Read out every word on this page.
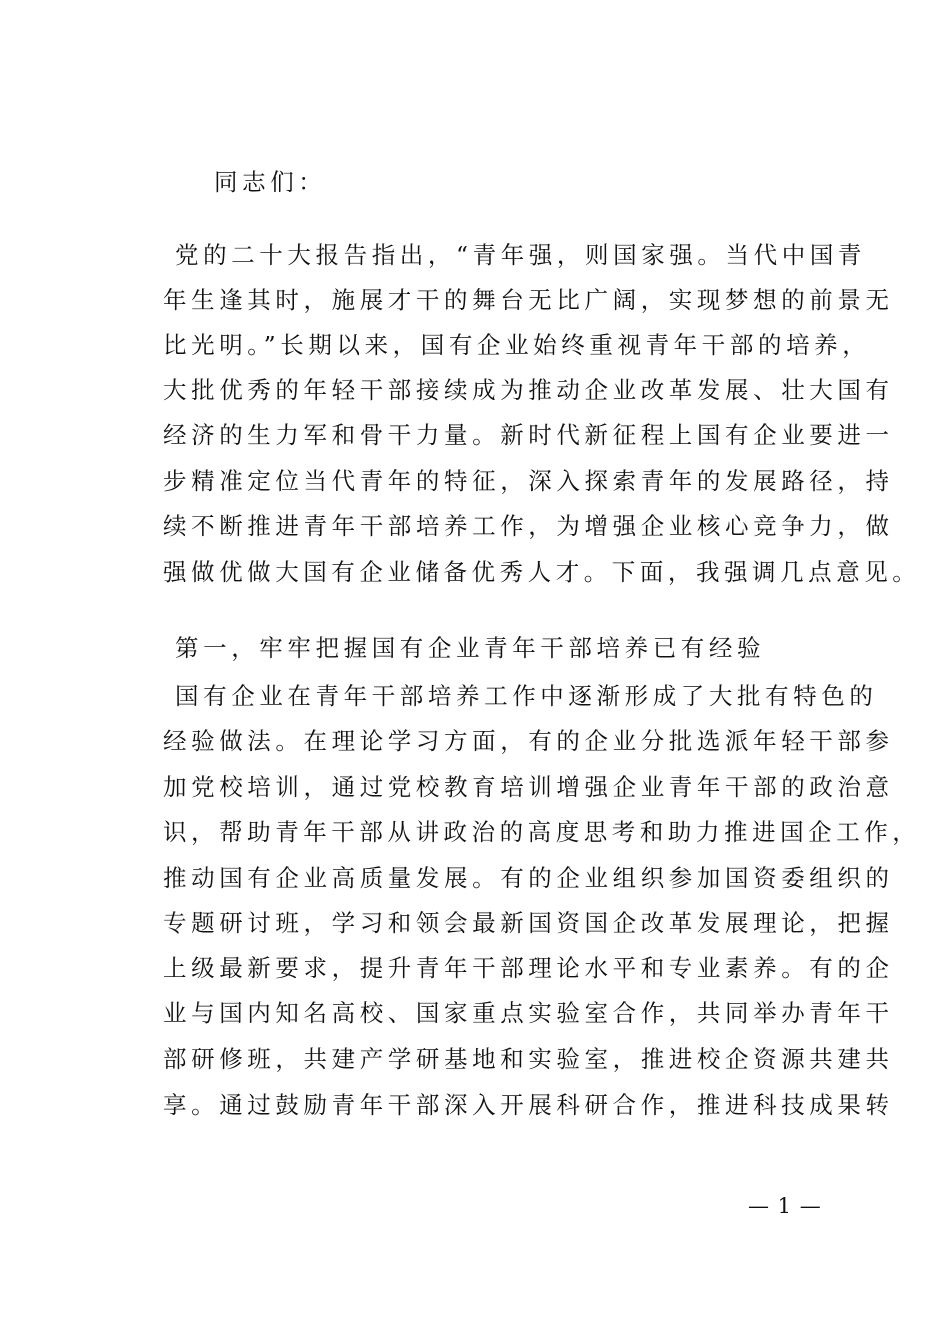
同志们：
党的二十大报告指出，“青年强，则国家强。当代中国青
年生逢其时，施展才干的舞台无比广阔，实现梦想的前景无
比光明。”长期以来，国有企业始终重视青年干部的培养，
大批优秀的年轻干部接续成为推动企业改革发展、壮大国有
经济的生力军和骨干力量。新时代新征程上国有企业要进一
步精准定位当代青年的特征，深入探索青年的发展路径，持
续不断推进青年干部培养工作，为增强企业核心竞争力，做
强做优做大国有企业储备优秀人才。下面，我强调几点意见。
第一，牢牢把握国有企业青年干部培养已有经验
国有企业在青年干部培养工作中逐渐形成了大批有特色的
经验做法。在理论学习方面，有的企业分批选派年轻干部参
加党校培训，通过党校教育培训增强企业青年干部的政治意
识，帮助青年干部从讲政治的高度思考和助力推进国企工作，
推动国有企业高质量发展。有的企业组织参加国资委组织的
专题研讨班，学习和领会最新国资国企改革发展理论，把握
上级最新要求，提升青年干部理论水平和专业素养。有的企
业与国内知名高校、国家重点实验室合作，共同举办青年干
部研修班，共建产学研基地和实验室，推进校企资源共建共
享。通过鼓励青年干部深入开展科研合作，推进科技成果转
— 1 —
